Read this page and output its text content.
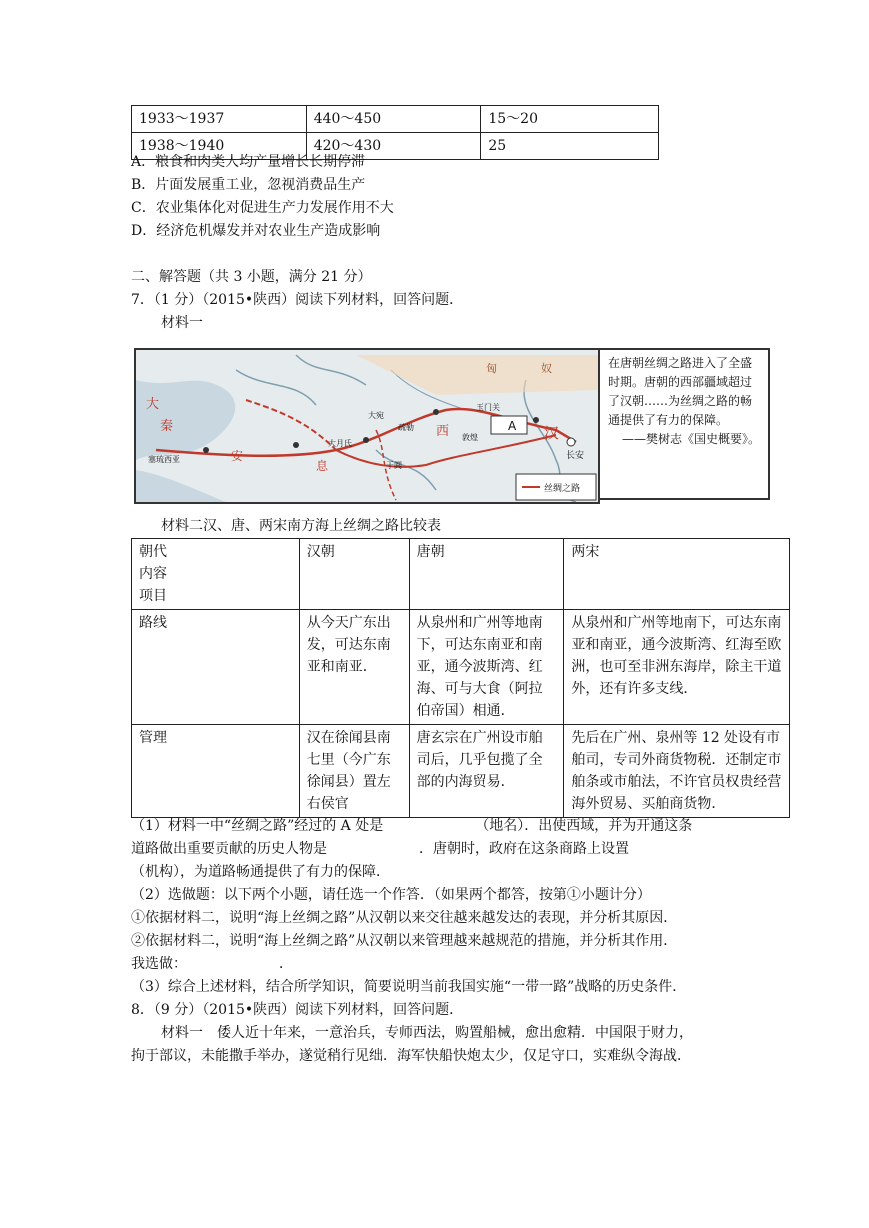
1933～1937	440～450	15～20
1938～1940	420～430	25
A．粮食和肉类人均产量增长长期停滞
B．片面发展重工业，忽视消费品生产
C．农业集体化对促进生产力发展作用不大
D．经济危机爆发并对农业生产造成影响
二、解答题（共 3 小题，满分 21 分）
7．（1 分）（2015•陕西）阅读下列材料，回答问题．
材料一
A
丝绸之路
匈	奴
大
秦	西	汉
安
息
大宛
大月氏
玉门关
敦煌
长安
塞琉西亚
于阗
疏勒
在唐朝丝绸之路进入了全盛时期。唐朝的西部疆域超过了汉朝……为丝绸之路的畅通提供了有力的保障。
——樊树志《国史概要》。
材料二汉、唐、两宋南方海上丝绸之路比较表
朝代
内容
项目	汉朝	唐朝	两宋
路线	从今天广东出发，可达东南亚和南亚．	从泉州和广州等地南下，可达东南亚和南亚，通今波斯湾、红海、可与大食（阿拉伯帝国）相通．	从泉州和广州等地南下，可达东南亚和南亚，通今波斯湾、红海至欧洲，也可至非洲东海岸，除主干道外，还有许多支线．
管理	汉在徐闻县南七里（今广东徐闻县）置左右侯官	唐玄宗在广州设市舶司后，几乎包揽了全部的内海贸易．	先后在广州、泉州等 12 处设有市舶司，专司外商货物税．还制定市舶条或市舶法，不许官员权贵经营海外贸易、买舶商货物．
（1）材料一中“丝绸之路”经过的 A 处是	（地名）．出使西域，并为开通这条
道路做出重要贡献的历史人物是	．唐朝时，政府在这条商路上设置
（机构），为道路畅通提供了有力的保障．
（2）选做题：以下两个小题，请任选一个作答．（如果两个都答，按第①小题计分）
①依据材料二，说明“海上丝绸之路”从汉朝以来交往越来越发达的表现，并分析其原因．
②依据材料二，说明“海上丝绸之路”从汉朝以来管理越来越规范的措施，并分析其作用．
我选做：	．
（3）综合上述材料，结合所学知识，简要说明当前我国实施“一带一路”战略的历史条件．
8．（9 分）（2015•陕西）阅读下列材料，回答问题．
材料一　倭人近十年来，一意治兵，专师西法，购置船械，愈出愈精．中国限于财力，
拘于部议，未能撒手举办，遂觉稍行见绌．海军快船快炮太少，仅足守口，实难纵令海战．
